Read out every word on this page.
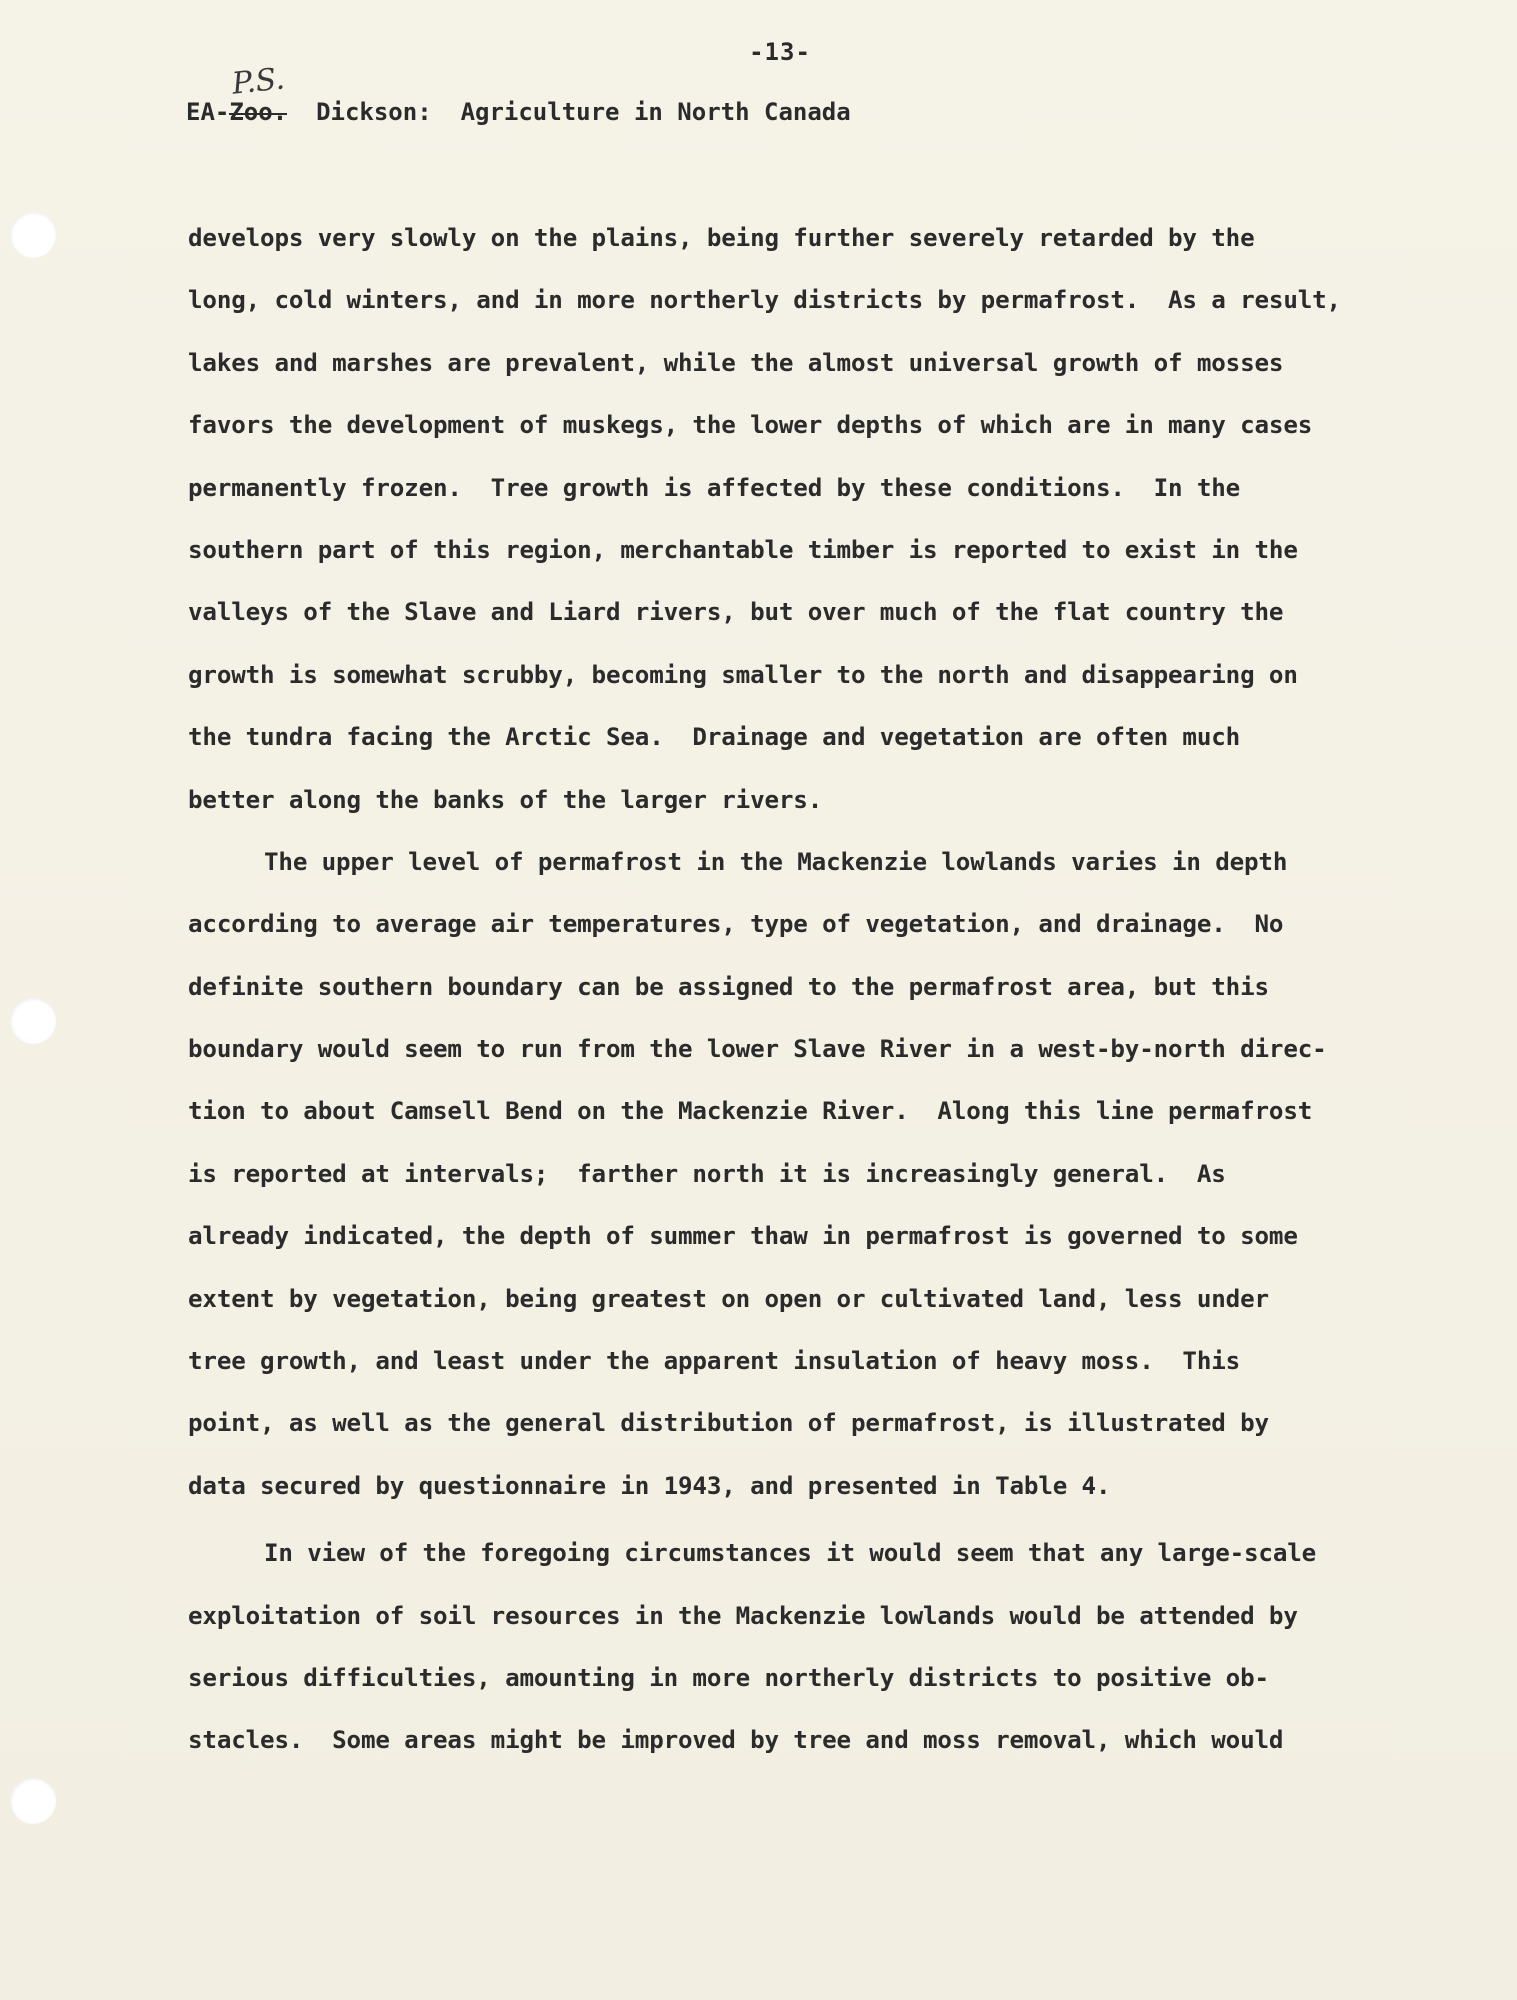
-13-
P.S.
EA-Zoo. Dickson: Agriculture in North Canada
develops very slowly on the plains, being further severely retarded by the
long, cold winters, and in more northerly districts by permafrost.  As a result,
lakes and marshes are prevalent, while the almost universal growth of mosses
favors the development of muskegs, the lower depths of which are in many cases
permanently frozen.  Tree growth is affected by these conditions.  In the
southern part of this region, merchantable timber is reported to exist in the
valleys of the Slave and Liard rivers, but over much of the flat country the
growth is somewhat scrubby, becoming smaller to the north and disappearing on
the tundra facing the Arctic Sea.  Drainage and vegetation are often much
better along the banks of the larger rivers.
The upper level of permafrost in the Mackenzie lowlands varies in depth
according to average air temperatures, type of vegetation, and drainage.  No
definite southern boundary can be assigned to the permafrost area, but this
boundary would seem to run from the lower Slave River in a west-by-north direc-
tion to about Camsell Bend on the Mackenzie River.  Along this line permafrost
is reported at intervals;  farther north it is increasingly general.  As
already indicated, the depth of summer thaw in permafrost is governed to some
extent by vegetation, being greatest on open or cultivated land, less under
tree growth, and least under the apparent insulation of heavy moss.  This
point, as well as the general distribution of permafrost, is illustrated by
data secured by questionnaire in 1943, and presented in Table 4.
In view of the foregoing circumstances it would seem that any large-scale
exploitation of soil resources in the Mackenzie lowlands would be attended by
serious difficulties, amounting in more northerly districts to positive ob-
stacles.  Some areas might be improved by tree and moss removal, which would
